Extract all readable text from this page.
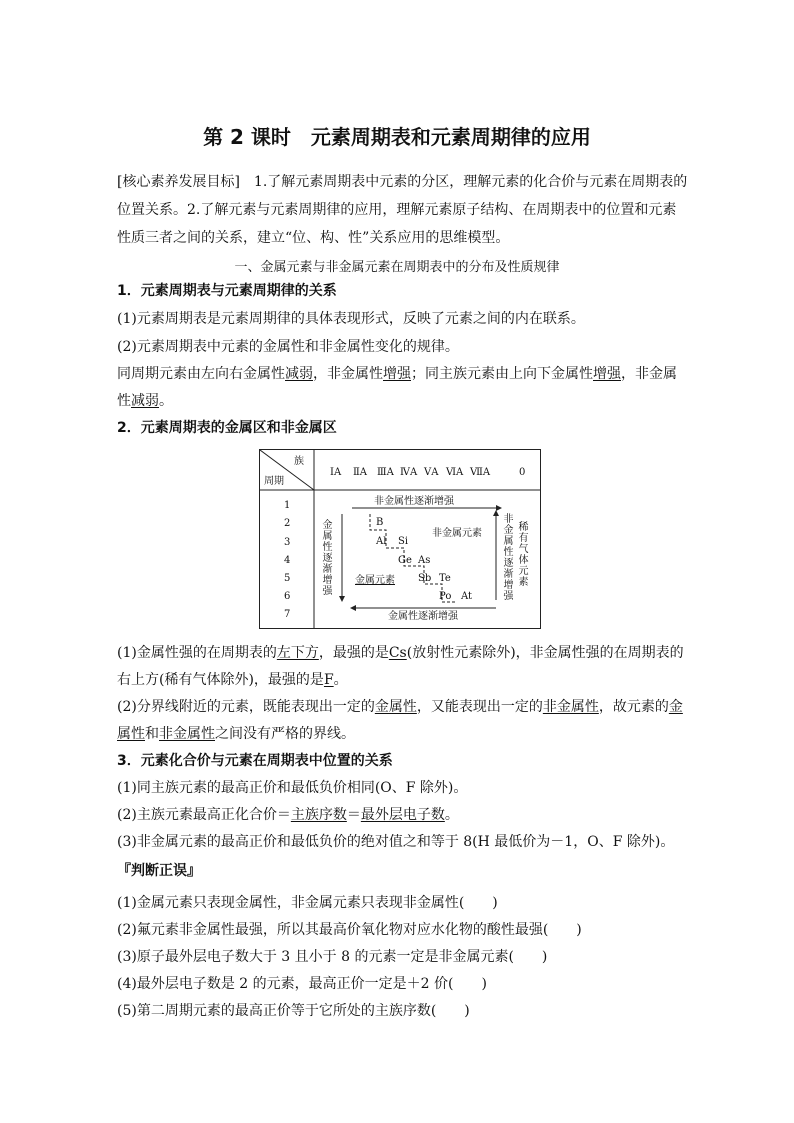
第 2 课时　元素周期表和元素周期律的应用
[核心素养发展目标]　1.了解元素周期表中元素的分区，理解元素的化合价与元素在周期表的
位置关系。2.了解元素与元素周期律的应用，理解元素原子结构、在周期表中的位置和元素
性质三者之间的关系，建立“位、构、性”关系应用的思维模型。
一、金属元素与非金属元素在周期表中的分布及性质规律
1．元素周期表与元素周期律的关系
(1)元素周期表是元素周期律的具体表现形式，反映了元素之间的内在联系。
(2)元素周期表中元素的金属性和非金属性变化的规律。
同周期元素由左向右金属性减弱，非金属性增强；同主族元素由上向下金属性增强，非金属
性减弱。
2．元素周期表的金属区和非金属区
族
周期
ⅠA ⅡA ⅢA ⅣA ⅤA ⅥA ⅦA	0
1
2
3
4
5
6
7
非金属性逐渐增强
金属性逐渐增强
金属性逐渐增强
非金属性逐渐增强
稀有气体元素
非金属元素
金属元素
B
Al Si
Ge As
Sb Te
Po At
(1)金属性强的在周期表的左下方，最强的是Cs(放射性元素除外)，非金属性强的在周期表的
右上方(稀有气体除外)，最强的是F。
(2)分界线附近的元素，既能表现出一定的金属性，又能表现出一定的非金属性，故元素的金
属性和非金属性之间没有严格的界线。
3．元素化合价与元素在周期表中位置的关系
(1)同主族元素的最高正价和最低负价相同(O、F 除外)。
(2)主族元素最高正化合价＝主族序数＝最外层电子数。
(3)非金属元素的最高正价和最低负价的绝对值之和等于 8(H 最低价为－1，O、F 除外)。
『判断正误』
(1)金属元素只表现金属性，非金属元素只表现非金属性(　　)
(2)氟元素非金属性最强，所以其最高价氧化物对应水化物的酸性最强(　　)
(3)原子最外层电子数大于 3 且小于 8 的元素一定是非金属元素(　　)
(4)最外层电子数是 2 的元素，最高正价一定是＋2 价(　　)
(5)第二周期元素的最高正价等于它所处的主族序数(　　)
